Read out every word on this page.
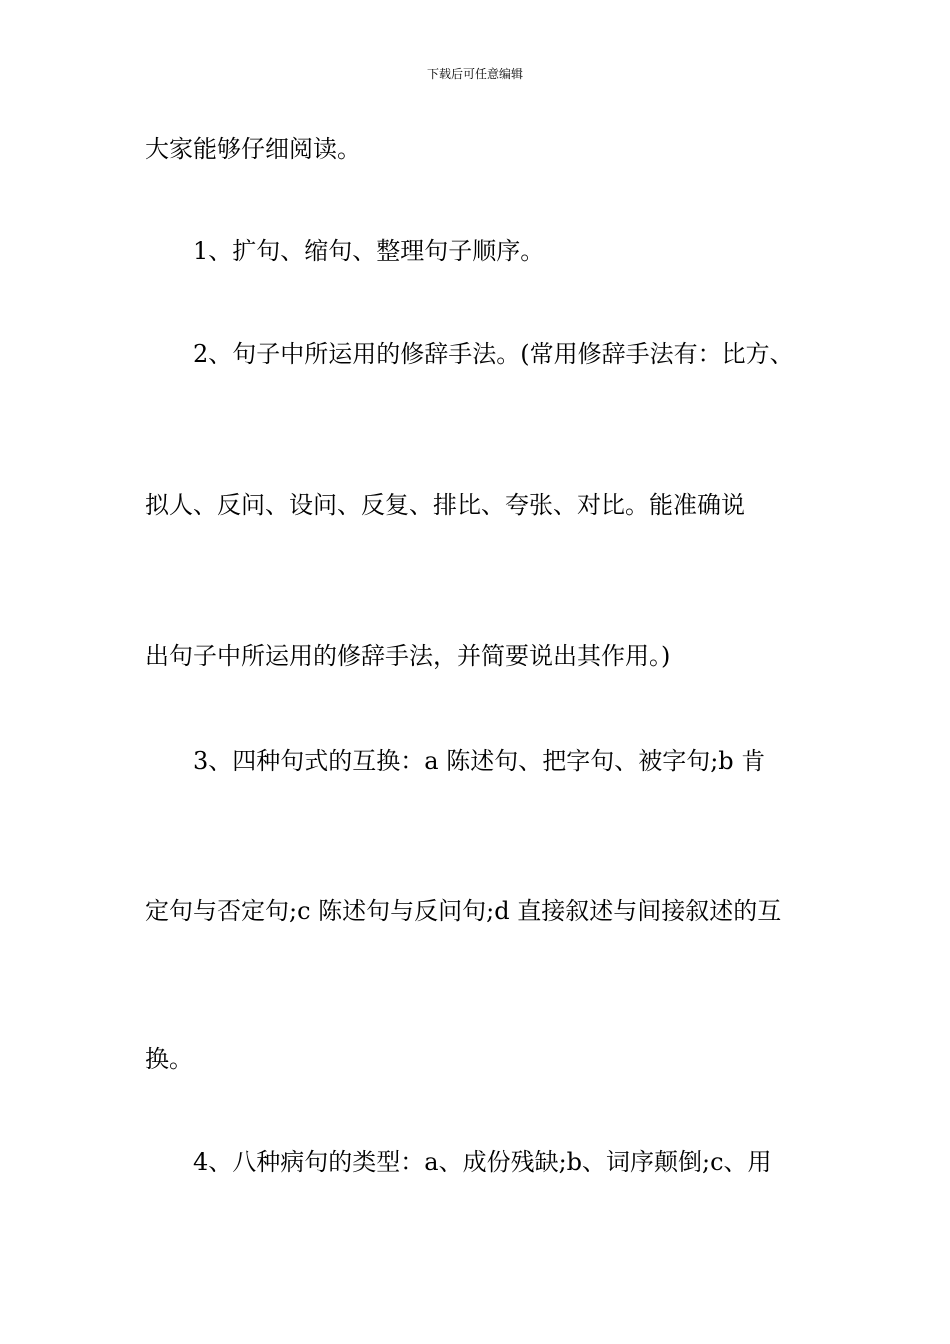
下载后可任意编辑
大家能够仔细阅读。
1、扩句、缩句、整理句子顺序。
2、句子中所运用的修辞手法。(常用修辞手法有：比方、
拟人、反问、设问、反复、排比、夸张、对比。能准确说
出句子中所运用的修辞手法，并简要说出其作用。)
3、四种句式的互换：a 陈述句、把字句、被字句;b 肯
定句与否定句;c 陈述句与反问句;d 直接叙述与间接叙述的互
换。
4、八种病句的类型：a、成份残缺;b、词序颠倒;c、用
